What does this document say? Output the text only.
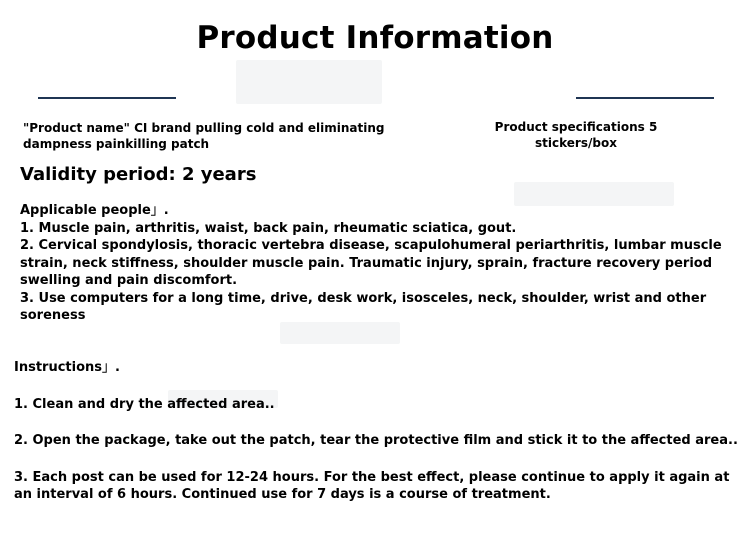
Product Information
"Product name" CI brand pulling cold and eliminating dampness painkilling patch
Product specifications 5 stickers/box
Validity period: 2 years

Applicable people」.

1. Muscle pain, arthritis, waist, back pain, rheumatic sciatica, gout.

2. Cervical spondylosis, thoracic vertebra disease, scapulohumeral periarthritis, lumbar muscle strain, neck stiffness, shoulder muscle pain. Traumatic injury, sprain, fracture recovery period swelling and pain discomfort.

3. Use computers for a long time, drive, desk work, isosceles, neck, shoulder, wrist and other soreness

Instructions」.

1. Clean and dry the affected area..

2. Open the package, take out the patch, tear the protective film and stick it to the affected area..

3. Each post can be used for 12-24 hours. For the best effect, please continue to apply it again at an interval of 6 hours. Continued use for 7 days is a course of treatment.
